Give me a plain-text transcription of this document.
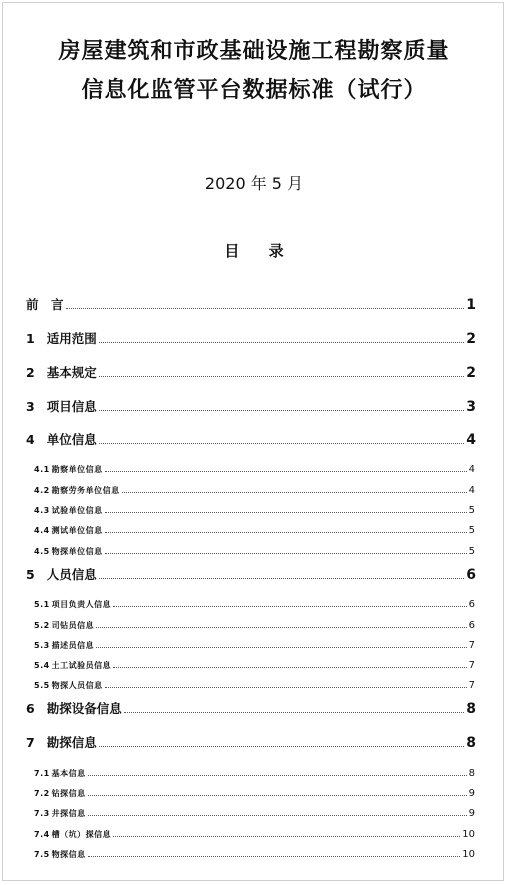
房屋建筑和市政基础设施工程勘察质量
信息化监管平台数据标准（试行）
2020 年 5 月
目 录
前　言	1
1 适用范围	2
2 基本规定	2
3 项目信息	3
4 单位信息	4
4.1 勘察单位信息	4
4.2 勘察劳务单位信息	4
4.3 试验单位信息	5
4.4 测试单位信息	5
4.5 物探单位信息	5
5 人员信息	6
5.1 项目负责人信息	6
5.2 司钻员信息	6
5.3 描述员信息	7
5.4 土工试验员信息	7
5.5 物探人员信息	7
6 勘探设备信息	8
7 勘探信息	8
7.1 基本信息	8
7.2 钻探信息	9
7.3 井探信息	9
7.4 槽（坑）探信息	10
7.5 物探信息	10
